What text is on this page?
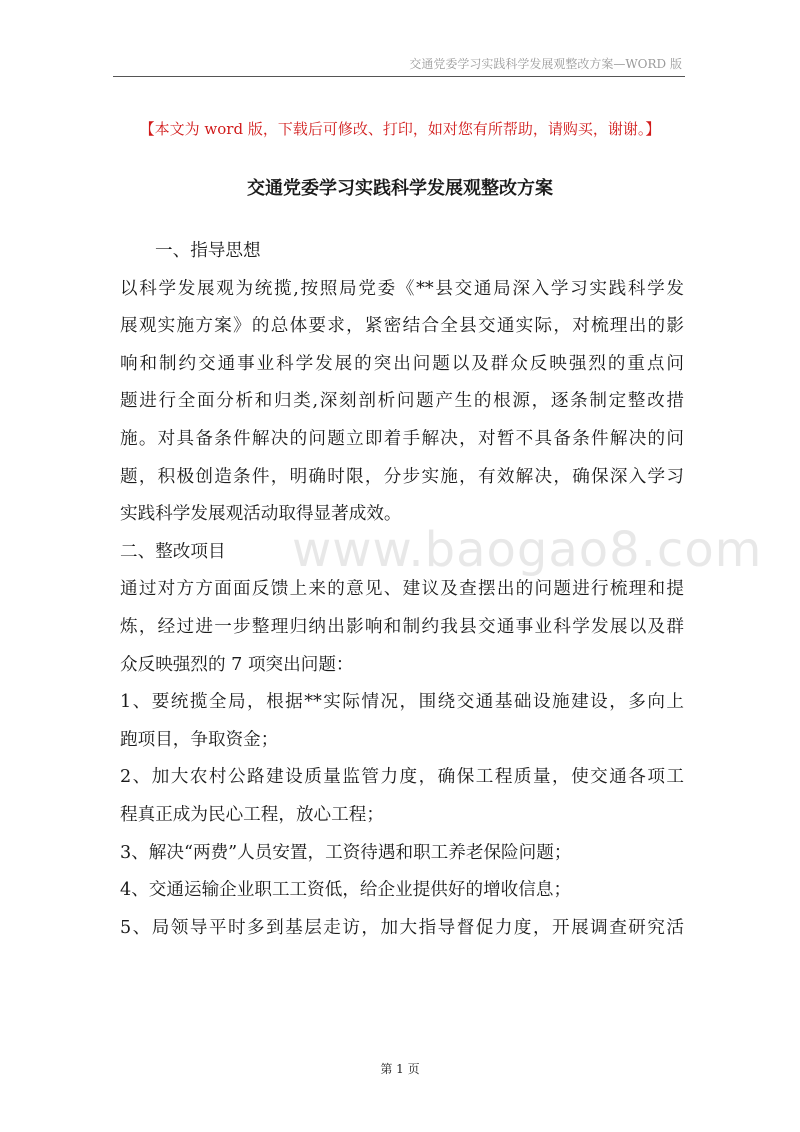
交通党委学习实践科学发展观整改方案—WORD 版
【本文为 word 版，下载后可修改、打印，如对您有所帮助，请购买，谢谢。】
交通党委学习实践科学发展观整改方案
www.baogao8.com
一、指导思想
以科学发展观为统揽,按照局党委《**县交通局深入学习实践科学发
展观实施方案》的总体要求，紧密结合全县交通实际，对梳理出的影
响和制约交通事业科学发展的突出问题以及群众反映强烈的重点问
题进行全面分析和归类,深刻剖析问题产生的根源，逐条制定整改措
施。对具备条件解决的问题立即着手解决，对暂不具备条件解决的问
题，积极创造条件，明确时限，分步实施，有效解决，确保深入学习
实践科学发展观活动取得显著成效。
二、整改项目
通过对方方面面反馈上来的意见、建议及查摆出的问题进行梳理和提
炼，经过进一步整理归纳出影响和制约我县交通事业科学发展以及群
众反映强烈的 7 项突出问题：
1、要统揽全局，根据**实际情况，围绕交通基础设施建设，多向上
跑项目，争取资金；
2、加大农村公路建设质量监管力度，确保工程质量，使交通各项工
程真正成为民心工程，放心工程；
3、解决“两费”人员安置，工资待遇和职工养老保险问题；
4、交通运输企业职工工资低，给企业提供好的增收信息；
5、局领导平时多到基层走访，加大指导督促力度，开展调查研究活
第 1 页
